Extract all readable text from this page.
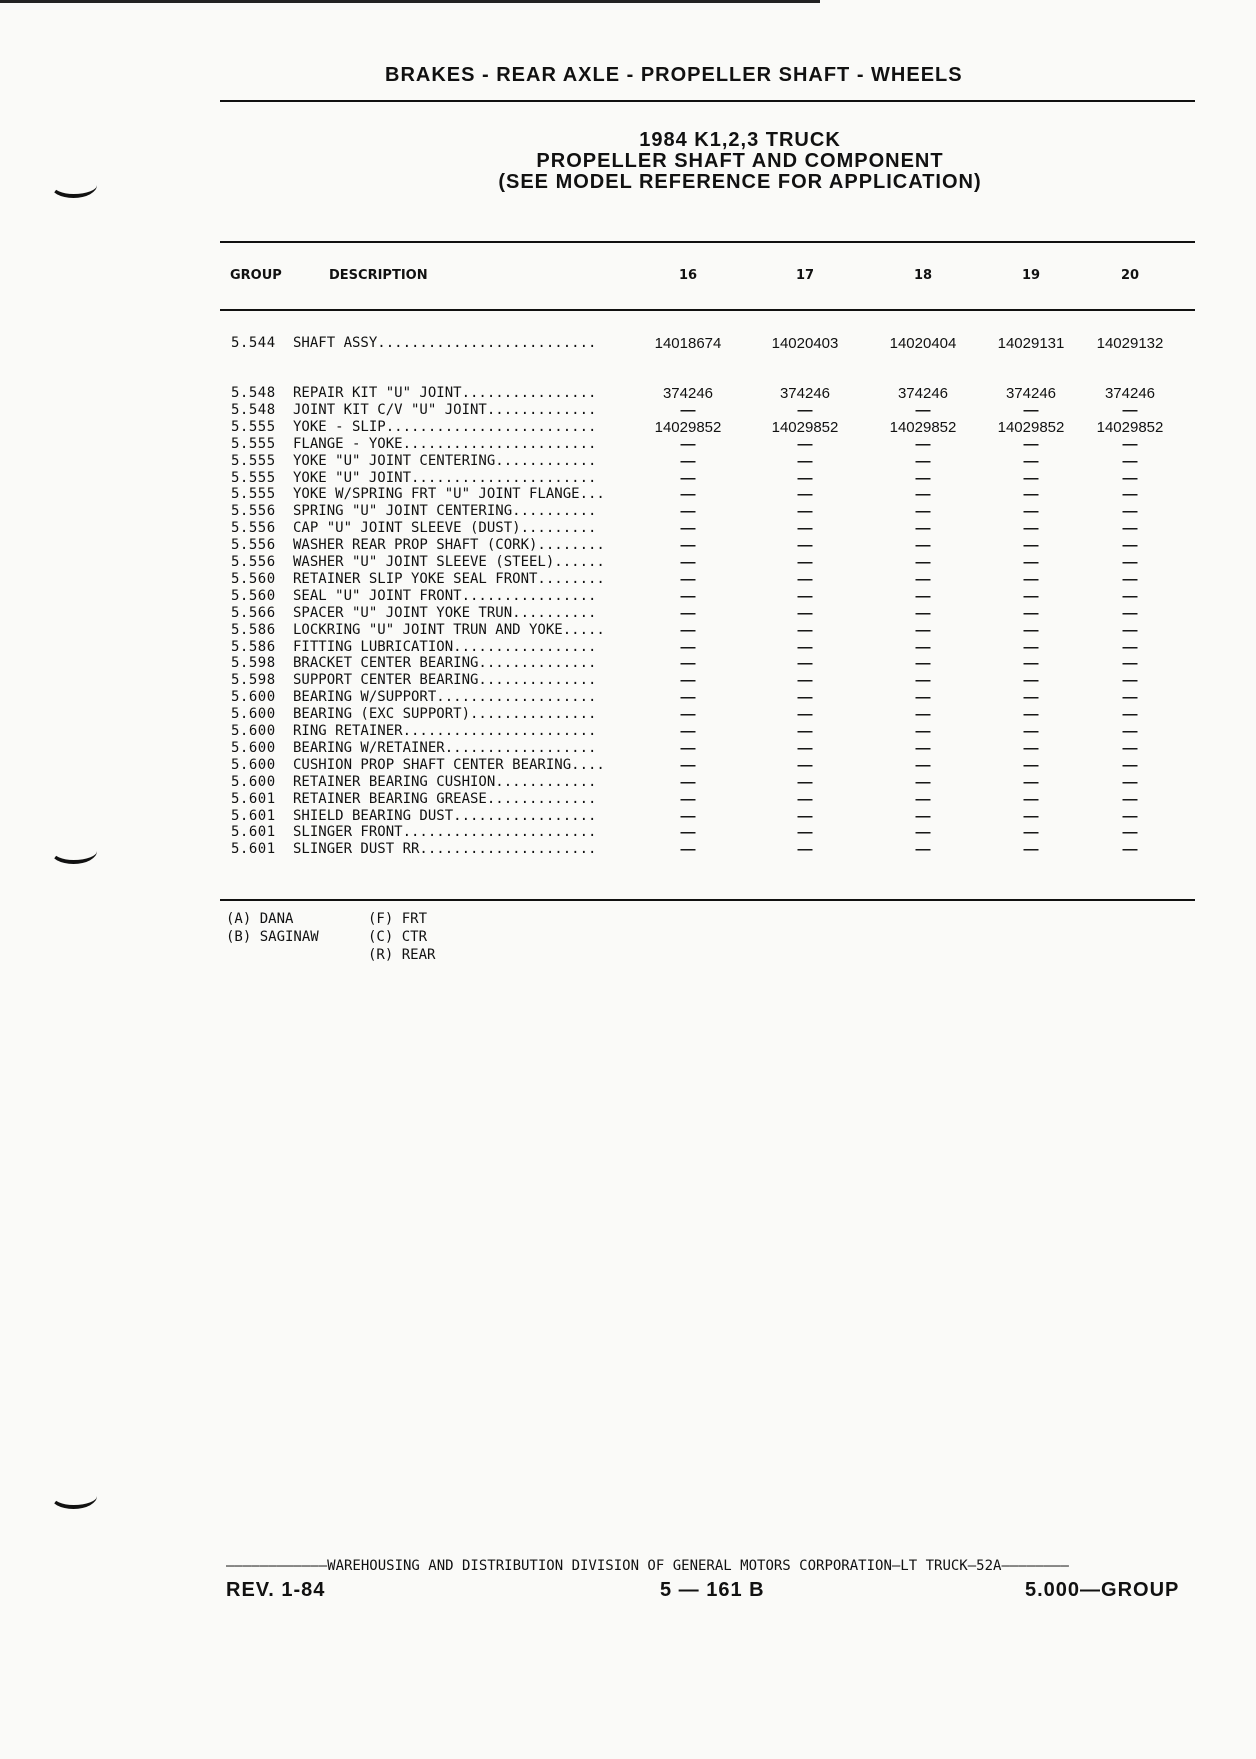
BRAKES - REAR AXLE - PROPELLER SHAFT - WHEELS
1984 K1,2,3 TRUCK
PROPELLER SHAFT AND COMPONENT
(SEE MODEL REFERENCE FOR APPLICATION)
GROUP	DESCRIPTION	16	17	18	19	20
5.544 SHAFT ASSY..........................	14018674	14020403	14020404	14029131	14029132
5.548 REPAIR KIT "U" JOINT................	374246	374246	374246	374246	374246
5.548 JOINT KIT C/V "U" JOINT.............	—	—	—	—	—
5.555 YOKE - SLIP.........................	14029852	14029852	14029852	14029852	14029852
5.555 FLANGE - YOKE.......................	—	—	—	—	—
5.555 YOKE "U" JOINT CENTERING............	—	—	—	—	—
5.555 YOKE "U" JOINT......................	—	—	—	—	—
5.555 YOKE W/SPRING FRT "U" JOINT FLANGE...	—	—	—	—	—
5.556 SPRING "U" JOINT CENTERING..........	—	—	—	—	—
5.556 CAP "U" JOINT SLEEVE (DUST).........	—	—	—	—	—
5.556 WASHER REAR PROP SHAFT (CORK)........	—	—	—	—	—
5.556 WASHER "U" JOINT SLEEVE (STEEL)......	—	—	—	—	—
5.560 RETAINER SLIP YOKE SEAL FRONT........	—	—	—	—	—
5.560 SEAL "U" JOINT FRONT................	—	—	—	—	—
5.566 SPACER "U" JOINT YOKE TRUN..........	—	—	—	—	—
5.586 LOCKRING "U" JOINT TRUN AND YOKE.....	—	—	—	—	—
5.586 FITTING LUBRICATION.................	—	—	—	—	—
5.598 BRACKET CENTER BEARING..............	—	—	—	—	—
5.598 SUPPORT CENTER BEARING..............	—	—	—	—	—
5.600 BEARING W/SUPPORT...................	—	—	—	—	—
5.600 BEARING (EXC SUPPORT)...............	—	—	—	—	—
5.600 RING RETAINER.......................	—	—	—	—	—
5.600 BEARING W/RETAINER..................	—	—	—	—	—
5.600 CUSHION PROP SHAFT CENTER BEARING....	—	—	—	—	—
5.600 RETAINER BEARING CUSHION............	—	—	—	—	—
5.601 RETAINER BEARING GREASE.............	—	—	—	—	—
5.601 SHIELD BEARING DUST.................	—	—	—	—	—
5.601 SLINGER FRONT.......................	—	—	—	—	—
5.601 SLINGER DUST RR.....................	—	—	—	—	—
(A) DANA
(B) SAGINAW
(F) FRT
(C) CTR
(R) REAR
————————————WAREHOUSING AND DISTRIBUTION DIVISION OF GENERAL MOTORS CORPORATION—LT TRUCK—52A————————
REV. 1-84	5 — 161 B	5.000—GROUP
